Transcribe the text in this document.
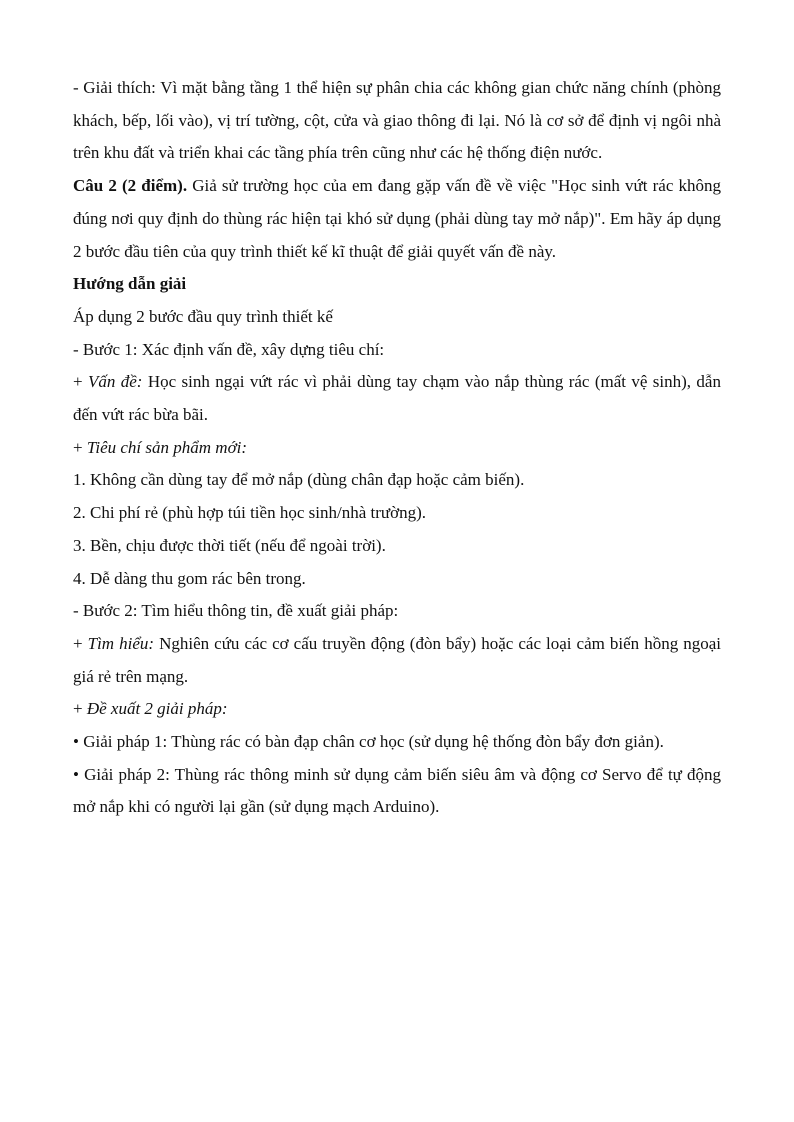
- Giải thích: Vì mặt bằng tầng 1 thể hiện sự phân chia các không gian chức năng chính (phòng khách, bếp, lối vào), vị trí tường, cột, cửa và giao thông đi lại. Nó là cơ sở để định vị ngôi nhà trên khu đất và triển khai các tầng phía trên cũng như các hệ thống điện nước.

Câu 2 (2 điểm). Giả sử trường học của em đang gặp vấn đề về việc "Học sinh vứt rác không đúng nơi quy định do thùng rác hiện tại khó sử dụng (phải dùng tay mở nắp)". Em hãy áp dụng 2 bước đầu tiên của quy trình thiết kế kĩ thuật để giải quyết vấn đề này.

Hướng dẫn giải

Áp dụng 2 bước đầu quy trình thiết kế

- Bước 1: Xác định vấn đề, xây dựng tiêu chí:

+ Vấn đề: Học sinh ngại vứt rác vì phải dùng tay chạm vào nắp thùng rác (mất vệ sinh), dẫn đến vứt rác bừa bãi.

+ Tiêu chí sản phẩm mới:

1. Không cần dùng tay để mở nắp (dùng chân đạp hoặc cảm biến).

2. Chi phí rẻ (phù hợp túi tiền học sinh/nhà trường).

3. Bền, chịu được thời tiết (nếu để ngoài trời).

4. Dễ dàng thu gom rác bên trong.

- Bước 2: Tìm hiểu thông tin, đề xuất giải pháp:

+ Tìm hiểu: Nghiên cứu các cơ cấu truyền động (đòn bẩy) hoặc các loại cảm biến hồng ngoại giá rẻ trên mạng.

+ Đề xuất 2 giải pháp:

• Giải pháp 1: Thùng rác có bàn đạp chân cơ học (sử dụng hệ thống đòn bẩy đơn giản).

• Giải pháp 2: Thùng rác thông minh sử dụng cảm biến siêu âm và động cơ Servo để tự động mở nắp khi có người lại gần (sử dụng mạch Arduino).
